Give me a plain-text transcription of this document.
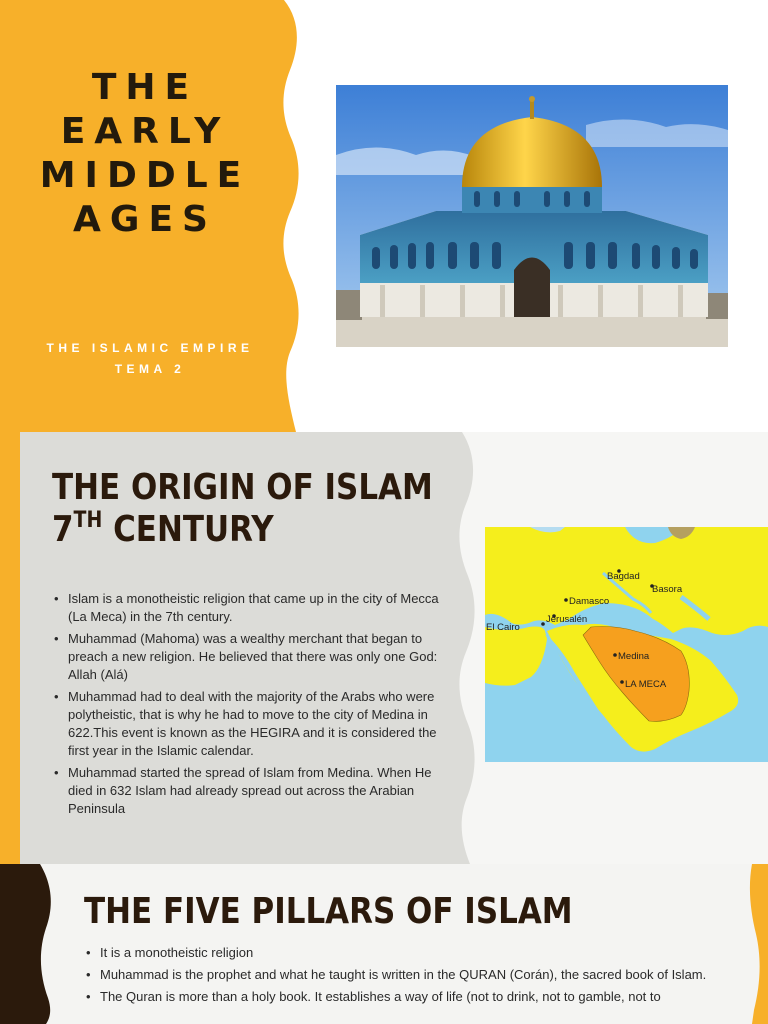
THE
EARLY
MIDDLE
AGES
THE ISLAMIC EMPIRE
TEMA 2
THE ORIGIN OF ISLAM
7TH CENTURY
• Islam is a monotheistic religion that came up in the city of Mecca (La Meca) in the 7th century.
• Muhammad (Mahoma) was a wealthy merchant that began to preach a new religion. He believed that there was only one God: Allah (Alá)
• Muhammad had to deal with the majority of the Arabs who were polytheistic, that is why he had to move to the city of Medina in 622.This event is known as the HEGIRA and it is considered the first year in the Islamic calendar.
• Muhammad started the spread of Islam from Medina. When He died in 632 Islam had already spread out across the Arabian Peninsula
Bagdad
Basora
Damasco
Jerusalén
El Cairo
Medina
LA MECA
THE FIVE PILLARS OF ISLAM
• It is a monotheistic religion
• Muhammad is the prophet and what he taught is written in the QURAN (Corán), the sacred book of Islam.
• The Quran is more than a holy book. It establishes a way of life (not to drink, not to gamble, not to
